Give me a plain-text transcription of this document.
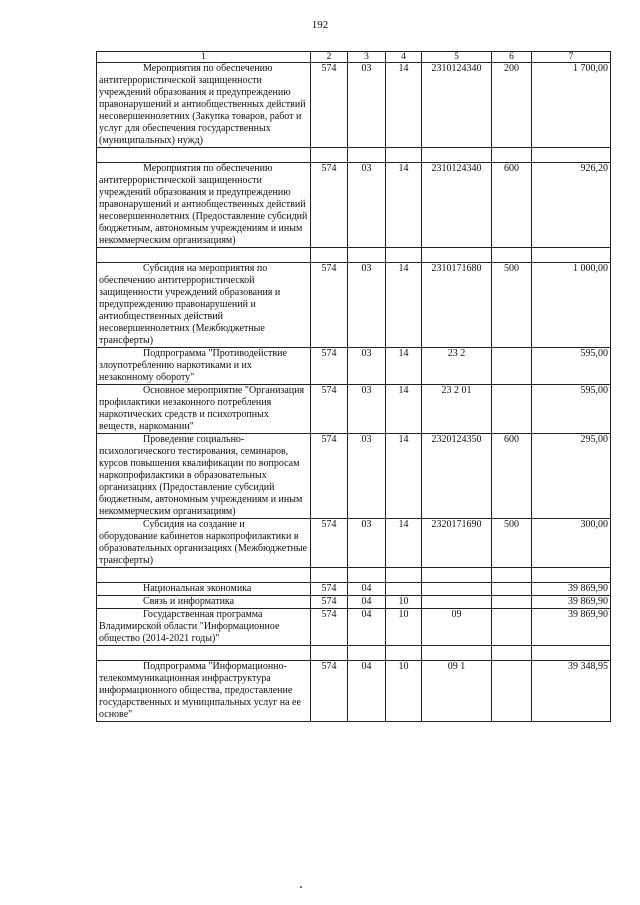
192
1	2	3	4	5	6	7

Мероприятия по обеспечению
антитеррористической защищенности учреждений образования и предупреждению правонарушений и антиобщественных действий несовершеннолетних (Закупка товаров, работ и услуг для обеспечения государственных (муниципальных) нужд)	574	03	14	2310124340	200	1 700,00

Мероприятия по обеспечению
антитеррористической защищенности учреждений образования и предупреждению правонарушений и антиобщественных действий несовершеннолетних (Предоставление субсидий бюджетным, автономным учреждениям и иным некоммерческим организациям)	574	03	14	2310124340	600	926,20

Субсидия на мероприятия по
обеспечению антитеррористической защищенности учреждений образования и предупреждению правонарушений и антиобщественных действий несовершеннолетних (Межбюджетные трансферты)	574	03	14	2310171680	500	1 000,00

Подпрограмма "Противодействие
злоупотреблению наркотиками и их незаконному обороту"	574	03	14	23 2		595,00

Основное мероприятие "Организация
профилактики незаконного потребления наркотических средств и психотропных веществ, наркомании"	574	03	14	23 2 01		595,00

Проведение социально-
психологического тестирования, семинаров, курсов повышения квалификации по вопросам наркопрофилактики в образовательных организациях (Предоставление субсидий бюджетным, автономным учреждениям и иным некоммерческим организациям)	574	03	14	2320124350	600	295,00

Субсидия на создание и
оборудование кабинетов наркопрофилактики в образовательных организациях (Межбюджетные трансферты)	574	03	14	2320171690	500	300,00

Национальная экономика	574	04				39 869,90

Связь и информатика	574	04	10			39 869,90

Государственная программа
Владимирской области "Информационное общество (2014-2021 годы)"	574	04	10	09		39 869,90

Подпрограмма "Информационно-
телекоммуникационная инфраструктура информационного общества, предоставление государственных и муниципальных услуг на ее основе"	574	04	10	09 1		39 348,95
